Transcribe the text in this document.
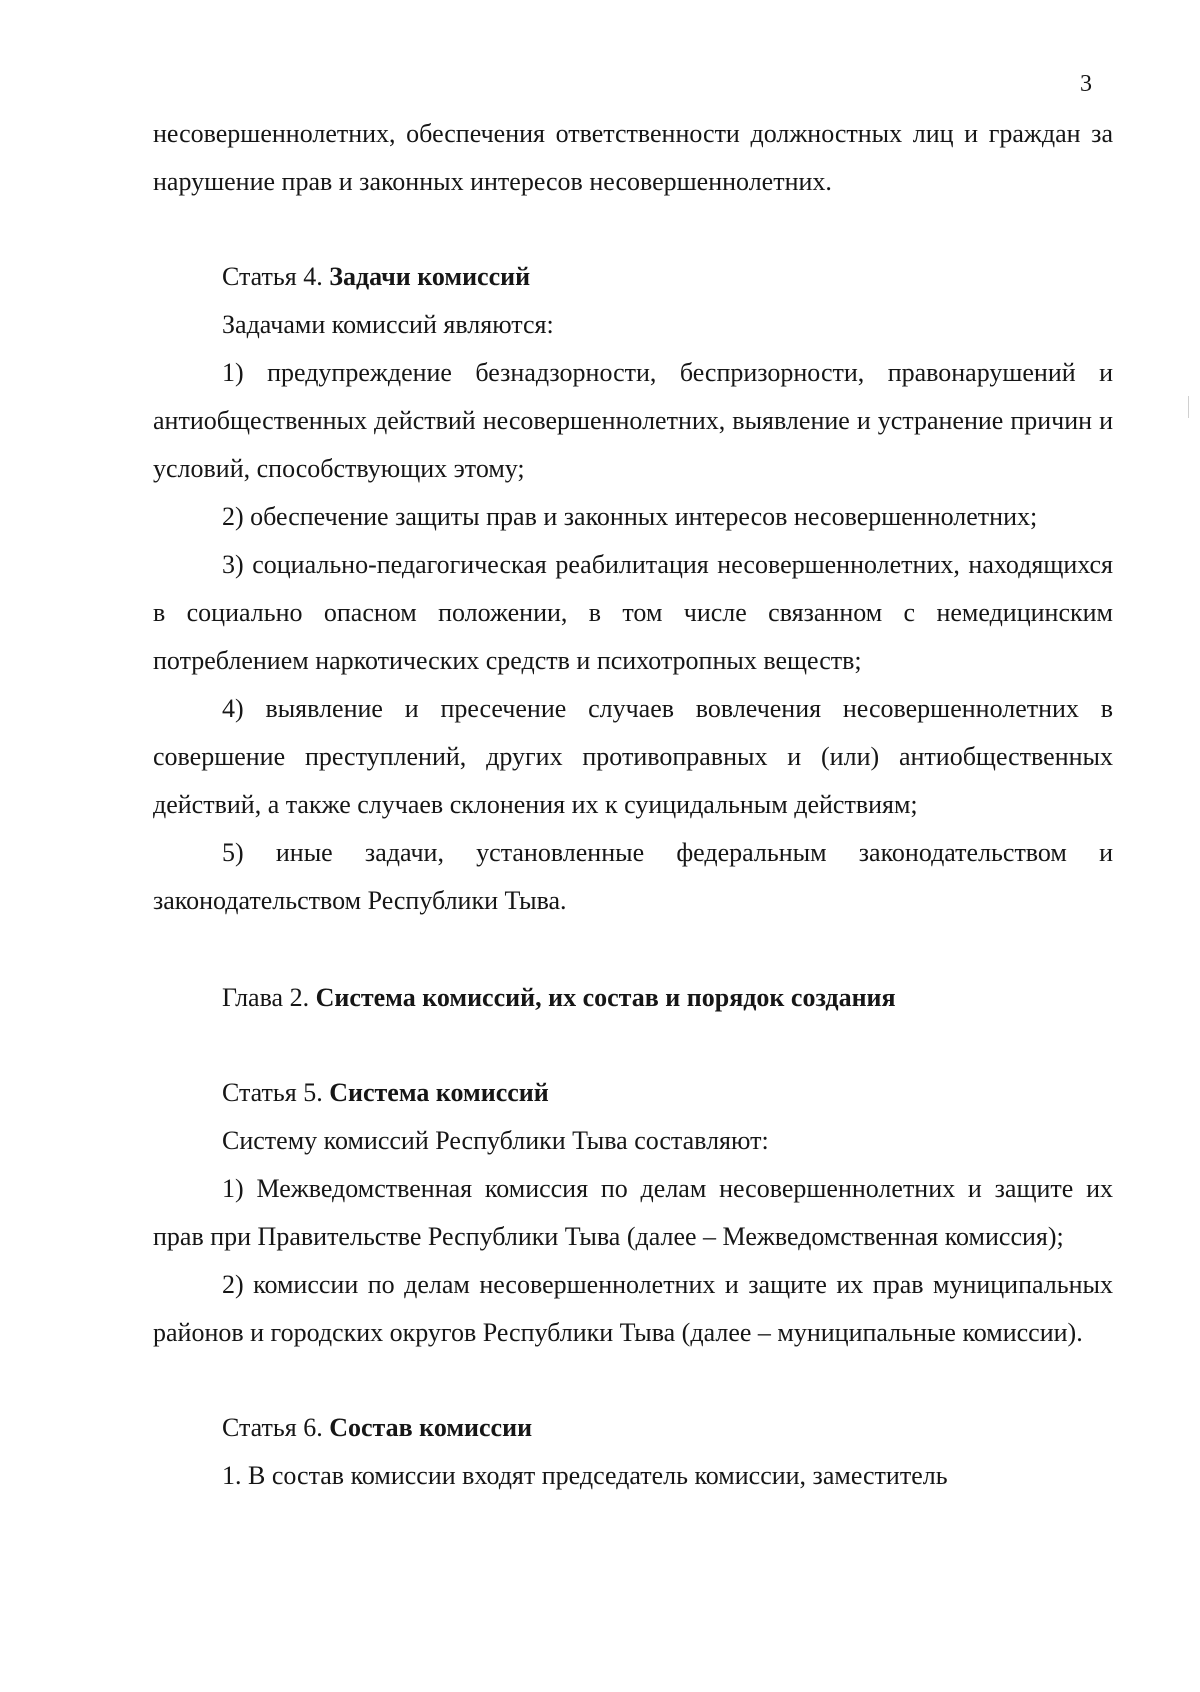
3

несовершеннолетних, обеспечения ответственности должностных лиц и граждан за нарушение прав и законных интересов несовершеннолетних.

Статья 4. Задачи комиссий

Задачами комиссий являются:

1) предупреждение безнадзорности, беспризорности, правонарушений и антиобщественных действий несовершеннолетних, выявление и устранение причин и условий, способствующих этому;

2) обеспечение защиты прав и законных интересов несовершеннолетних;

3) социально-педагогическая реабилитация несовершеннолетних, находящихся в социально опасном положении, в том числе связанном с немедицинским потреблением наркотических средств и психотропных веществ;

4) выявление и пресечение случаев вовлечения несовершеннолетних в совершение преступлений, других противоправных и (или) антиобщественных действий, а также случаев склонения их к суицидальным действиям;

5) иные задачи, установленные федеральным законодательством и законодательством Республики Тыва.

Глава 2. Система комиссий, их состав и порядок создания

Статья 5. Система комиссий

Систему комиссий Республики Тыва составляют:

1) Межведомственная комиссия по делам несовершеннолетних и защите их прав при Правительстве Республики Тыва (далее – Межведомственная комиссия);

2) комиссии по делам несовершеннолетних и защите их прав муниципальных районов и городских округов Республики Тыва (далее – муниципальные комиссии).

Статья 6. Состав комиссии

1. В состав комиссии входят председатель комиссии, заместитель
